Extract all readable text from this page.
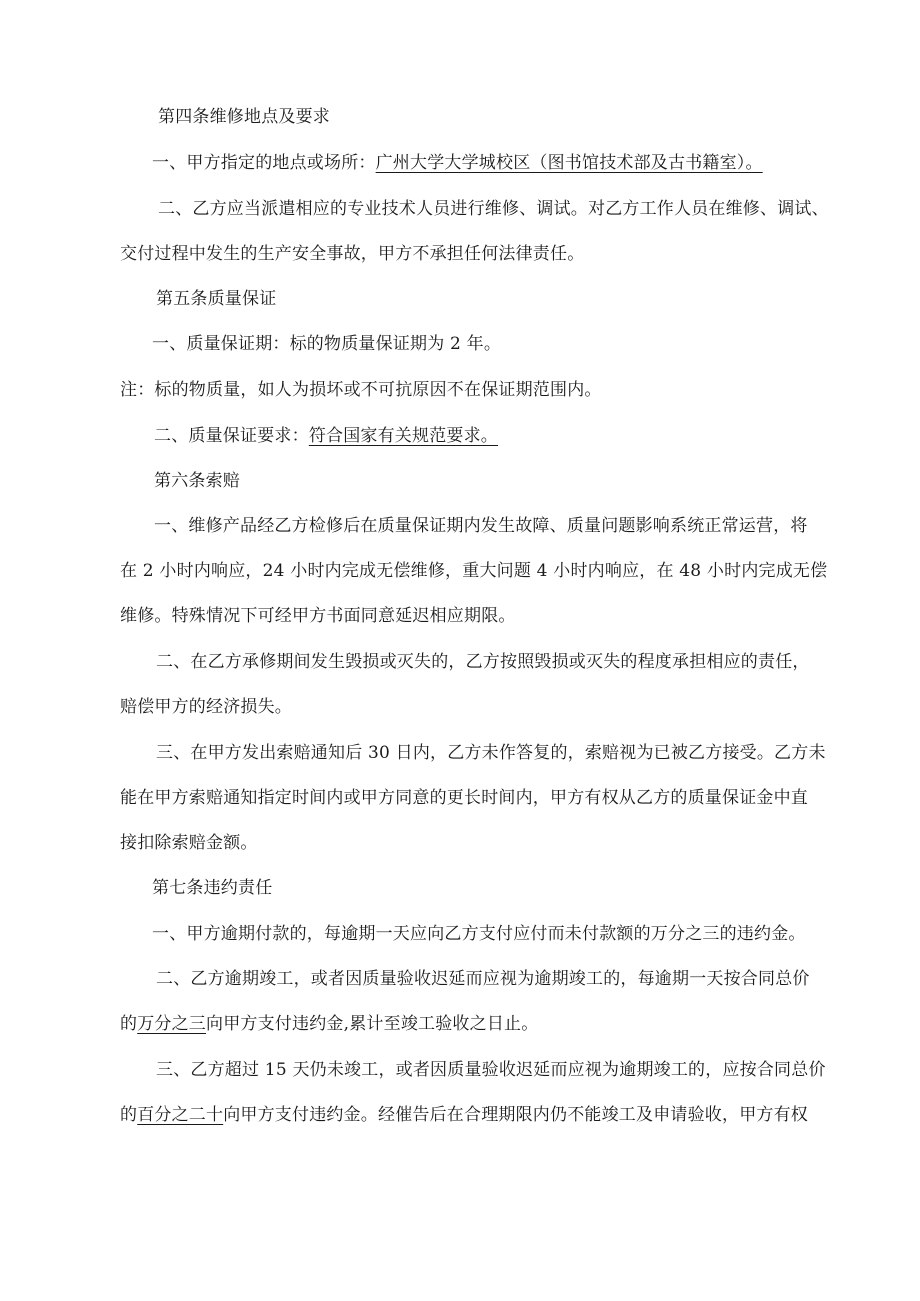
第四条维修地点及要求
一、甲方指定的地点或场所：广州大学大学城校区（图书馆技术部及古书籍室）。
二、乙方应当派遣相应的专业技术人员进行维修、调试。对乙方工作人员在维修、调试、
交付过程中发生的生产安全事故，甲方不承担任何法律责任。
第五条质量保证
一、质量保证期：标的物质量保证期为 2 年。
注：标的物质量，如人为损坏或不可抗原因不在保证期范围内。
二、质量保证要求：符合国家有关规范要求。
第六条索赔
一、维修产品经乙方检修后在质量保证期内发生故障、质量问题影响系统正常运营，将
在 2 小时内响应，24 小时内完成无偿维修，重大问题 4 小时内响应，在 48 小时内完成无偿
维修。特殊情况下可经甲方书面同意延迟相应期限。
二、在乙方承修期间发生毁损或灭失的，乙方按照毁损或灭失的程度承担相应的责任，
赔偿甲方的经济损失。
三、在甲方发出索赔通知后 30 日内，乙方未作答复的，索赔视为已被乙方接受。乙方未
能在甲方索赔通知指定时间内或甲方同意的更长时间内，甲方有权从乙方的质量保证金中直
接扣除索赔金额。
第七条违约责任
一、甲方逾期付款的，每逾期一天应向乙方支付应付而未付款额的万分之三的违约金。
二、乙方逾期竣工，或者因质量验收迟延而应视为逾期竣工的，每逾期一天按合同总价
的万分之三向甲方支付违约金,累计至竣工验收之日止。
三、乙方超过 15 天仍未竣工，或者因质量验收迟延而应视为逾期竣工的，应按合同总价
的百分之二十向甲方支付违约金。经催告后在合理期限内仍不能竣工及申请验收，甲方有权
